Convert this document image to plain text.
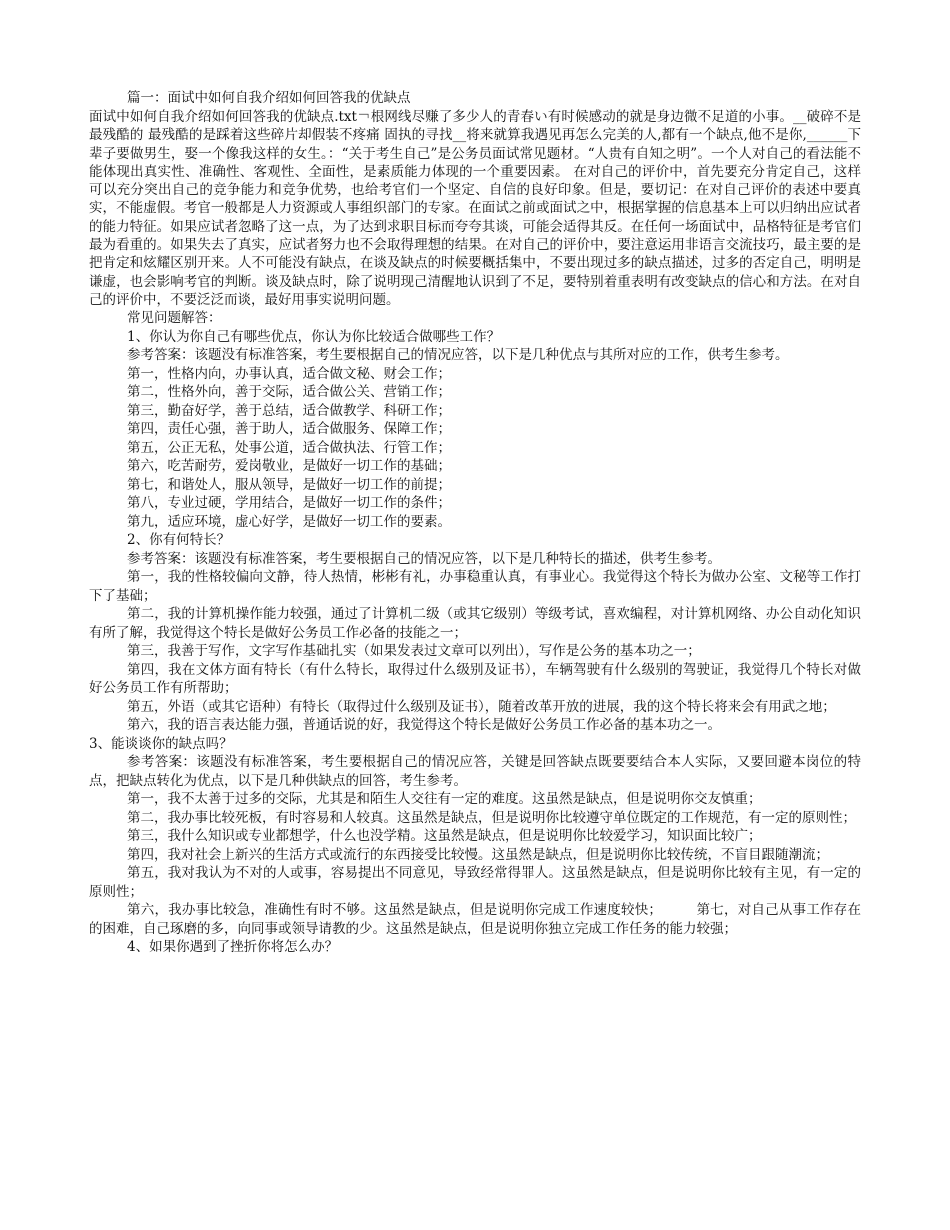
篇一：面试中如何自我介绍如何回答我的优缺点

面试中如何自我介绍如何回答我的优缺点.txt￢根网线尽赚了多少人的青春い有时候感动的就是身边微不足道的小事。__破碎不是最残酷的 最残酷的是踩着这些碎片却假装不疼痛 固执的寻找__将来就算我遇见再怎么完美的人,都有一个缺点,他不是你,______下辈子要做男生，娶一个像我这样的女生。：“关于考生自己”是公务员面试常见题材。“人贵有自知之明”。一个人对自己的看法能不能体现出真实性、准确性、客观性、全面性，是素质能力体现的一个重要因素。 在对自己的评价中，首先要充分肯定自己，这样可以充分突出自己的竞争能力和竞争优势，也给考官们一个坚定、自信的良好印象。但是，要切记：在对自己评价的表述中要真实，不能虚假。考官一般都是人力资源或人事组织部门的专家。在面试之前或面试之中，根据掌握的信息基本上可以归纳出应试者的能力特征。如果应试者忽略了这一点，为了达到求职目标而夸夸其谈，可能会适得其反。在任何一场面试中，品格特征是考官们最为看重的。如果失去了真实，应试者努力也不会取得理想的结果。在对自己的评价中，要注意运用非语言交流技巧，最主要的是把肯定和炫耀区别开来。人不可能没有缺点，在谈及缺点的时候要概括集中，不要出现过多的缺点描述，过多的否定自己，明明是谦虚，也会影响考官的判断。谈及缺点时，除了说明现己清醒地认识到了不足，要特别着重表明有改变缺点的信心和方法。在对自己的评价中，不要泛泛而谈，最好用事实说明问题。

常见问题解答：

1、你认为你自己有哪些优点，你认为你比较适合做哪些工作？

参考答案：该题没有标准答案，考生要根据自己的情况应答，以下是几种优点与其所对应的工作，供考生参考。

第一，性格内向，办事认真，适合做文秘、财会工作；

第二，性格外向，善于交际，适合做公关、营销工作；

第三，勤奋好学，善于总结，适合做教学、科研工作；

第四，责任心强，善于助人，适合做服务、保障工作；

第五，公正无私，处事公道，适合做执法、行管工作；

第六，吃苦耐劳，爱岗敬业，是做好一切工作的基础；

第七，和谐处人，服从领导，是做好一切工作的前提；

第八，专业过硬，学用结合，是做好一切工作的条件；

第九，适应环境，虚心好学，是做好一切工作的要素。

2、你有何特长？

参考答案：该题没有标准答案，考生要根据自己的情况应答，以下是几种特长的描述，供考生参考。

第一，我的性格较偏向文静，待人热情，彬彬有礼，办事稳重认真，有事业心。我觉得这个特长为做办公室、文秘等工作打下了基础；

第二，我的计算机操作能力较强，通过了计算机二级（或其它级别）等级考试，喜欢编程，对计算机网络、办公自动化知识有所了解，我觉得这个特长是做好公务员工作必备的技能之一；

第三，我善于写作，文字写作基础扎实（如果发表过文章可以列出），写作是公务的基本功之一；

第四，我在文体方面有特长（有什么特长，取得过什么级别及证书），车辆驾驶有什么级别的驾驶证，我觉得几个特长对做好公务员工作有所帮助；

第五，外语（或其它语种）有特长（取得过什么级别及证书），随着改革开放的进展，我的这个特长将来会有用武之地；

第六，我的语言表达能力强，普通话说的好，我觉得这个特长是做好公务员工作必备的基本功之一。

3、能谈谈你的缺点吗？

参考答案：该题没有标准答案，考生要根据自己的情况应答，关键是回答缺点既要要结合本人实际，又要回避本岗位的特点，把缺点转化为优点，以下是几种供缺点的回答，考生参考。

第一，我不太善于过多的交际，尤其是和陌生人交往有一定的难度。这虽然是缺点，但是说明你交友慎重；

第二，我办事比较死板，有时容易和人较真。这虽然是缺点，但是说明你比较遵守单位既定的工作规范，有一定的原则性；

第三，我什么知识或专业都想学，什么也没学精。这虽然是缺点，但是说明你比较爱学习，知识面比较广；

第四，我对社会上新兴的生活方式或流行的东西接受比较慢。这虽然是缺点，但是说明你比较传统，不盲目跟随潮流；

第五，我对我认为不对的人或事，容易提出不同意见，导致经常得罪人。这虽然是缺点，但是说明你比较有主见，有一定的原则性；

第六，我办事比较急，准确性有时不够。这虽然是缺点，但是说明你完成工作速度较快；　　　第七，对自己从事工作存在的困难，自己琢磨的多，向同事或领导请教的少。这虽然是缺点，但是说明你独立完成工作任务的能力较强；

4、如果你遇到了挫折你将怎么办？
